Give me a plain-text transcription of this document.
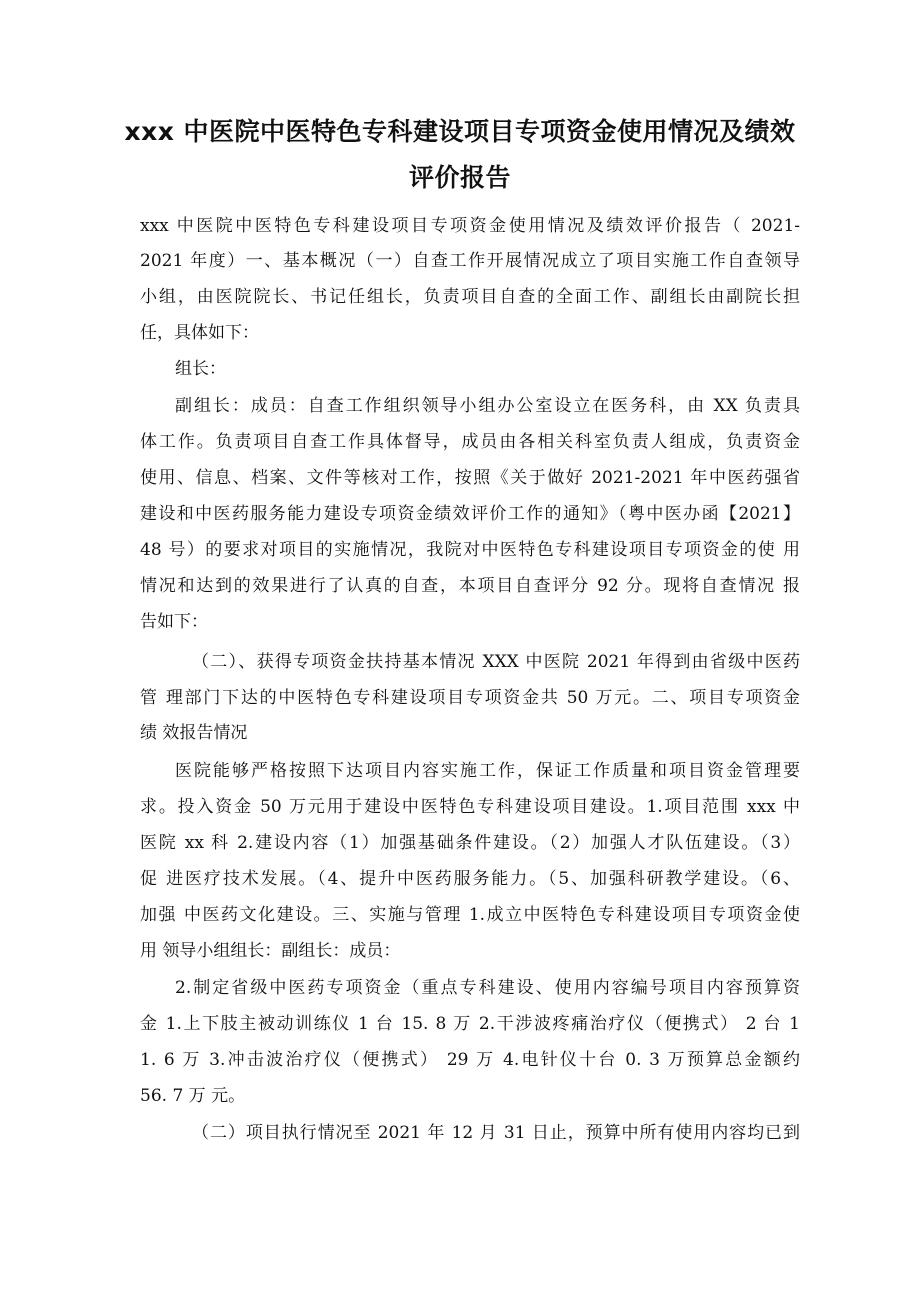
xxx 中医院中医特色专科建设项目专项资金使用情况及绩效
评价报告
xxx 中医院中医特色专科建设项目专项资金使用情况及绩效评价报告（ 2021-
2021 年度）一、基本概况（一）自查工作开展情况成立了项目实施工作自查领导
小组，由医院院长、书记任组长，负责项目自查的全面工作、副组长由副院长担
任，具体如下：
组长：
副组长：成员：自查工作组织领导小组办公室设立在医务科，由 XX 负责具
体工作。负责项目自查工作具体督导，成员由各相关科室负责人组成，负责资金
使用、信息、档案、文件等核对工作，按照《关于做好 2021-2021 年中医药强省
建设和中医药服务能力建设专项资金绩效评价工作的通知》（粤中医办函【2021】
48 号）的要求对项目的实施情况，我院对中医特色专科建设项目专项资金的使 用
情况和达到的效果进行了认真的自查，本项目自查评分 92 分。现将自查情况 报
告如下：
（二）、获得专项资金扶持基本情况 XXX 中医院 2021 年得到由省级中医药
管 理部门下达的中医特色专科建设项目专项资金共 50 万元。二、项目专项资金
绩 效报告情况
医院能够严格按照下达项目内容实施工作，保证工作质量和项目资金管理要
求。投入资金 50 万元用于建设中医特色专科建设项目建设。1.项目范围 xxx 中
医院 xx 科 2.建设内容（1）加强基础条件建设。（2）加强人才队伍建设。（3）
促 进医疗技术发展。（4、提升中医药服务能力。（5、加强科研教学建设。（6、
加强 中医药文化建设。三、实施与管理 1.成立中医特色专科建设项目专项资金使
用 领导小组组长：副组长：成员：
2.制定省级中医药专项资金（重点专科建设、使用内容编号项目内容预算资
金 1.上下肢主被动训练仪 1 台 15. 8 万 2.干涉波疼痛治疗仪（便携式） 2 台 1
1. 6 万 3.冲击波治疗仪（便携式） 29 万 4.电针仪十台 0. 3 万预算总金额约
56. 7 万 元。
（二）项目执行情况至 2021 年 12 月 31 日止，预算中所有使用内容均已到
